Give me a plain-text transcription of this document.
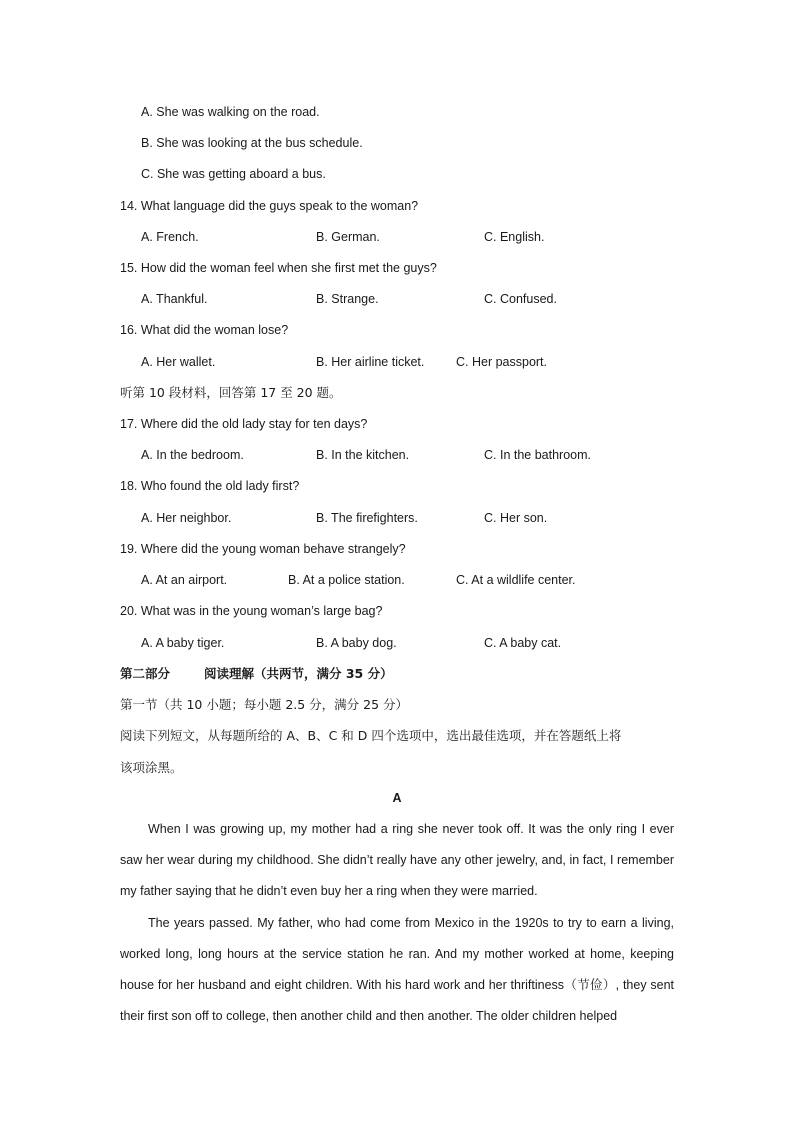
A. She was walking on the road.
B. She was looking at the bus schedule.
C. She was getting aboard a bus.
14. What language did the guys speak to the woman?
A. French.	B. German.	C. English.
15. How did the woman feel when she first met the guys?
A. Thankful.	B. Strange.	C. Confused.
16. What did the woman lose?
A. Her wallet.	B. Her airline ticket.	C. Her passport.
听第 10 段材料，回答第 17 至 20 题。
17. Where did the old lady stay for ten days?
A. In the bedroom.	B. In the kitchen.	C. In the bathroom.
18. Who found the old lady first?
A. Her neighbor.	B. The firefighters.	C. Her son.
19. Where did the young woman behave strangely?
A. At an airport.	B. At a police station.	C. At a wildlife center.
20. What was in the young woman’s large bag?
A. A baby tiger.	B. A baby dog.	C. A baby cat.
第二部分	阅读理解（共两节，满分 35 分）
第一节（共 10 小题；每小题 2.5 分，满分 25 分）
阅读下列短文，从每题所给的 A、B、C 和 D 四个选项中，选出最佳选项，并在答题纸上将
该项涂黑。
A

When I was growing up, my mother had a ring she never took off. It was the only ring I ever saw her wear during my childhood. She didn’t really have any other jewelry, and, in fact, I remember my father saying that he didn’t even buy her a ring when they were married.

The years passed. My father, who had come from Mexico in the 1920s to try to earn a living, worked long, long hours at the service station he ran. And my mother worked at home, keeping house for her husband and eight children. With his hard work and her thriftiness（节俭）, they sent their first son off to college, then another child and then another. The older children helped
